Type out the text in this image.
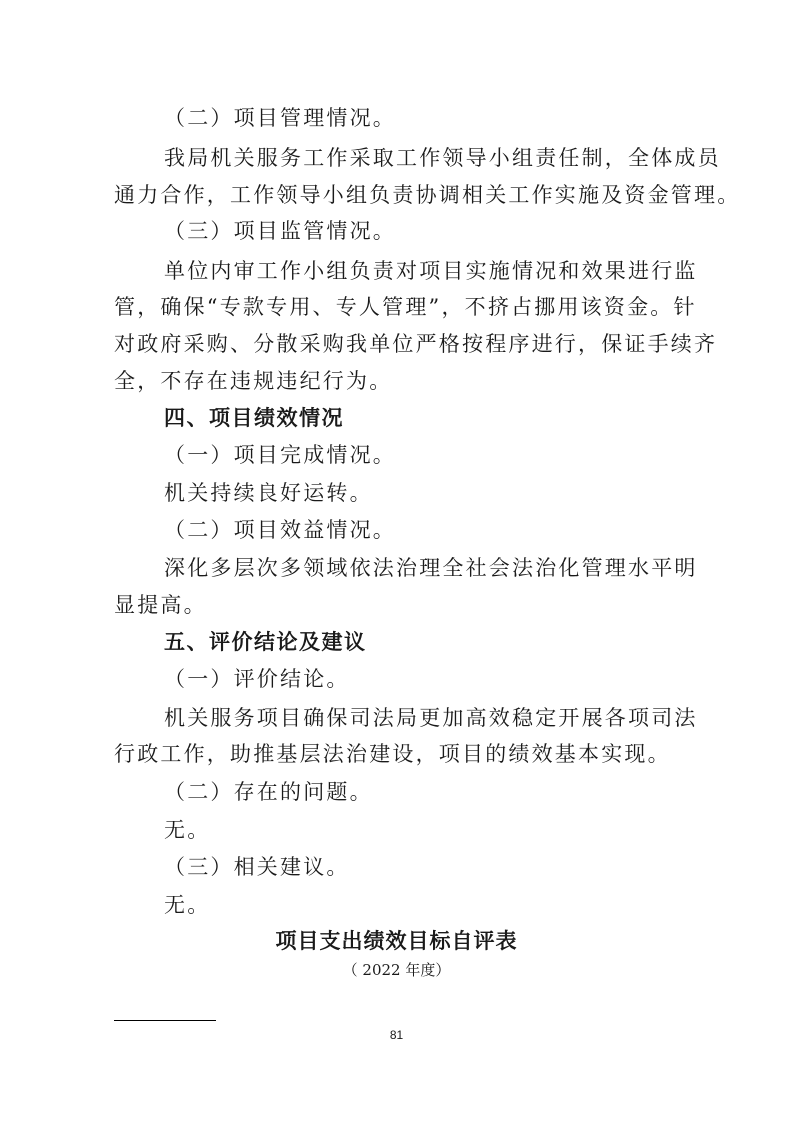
（二）项目管理情况。
我局机关服务工作采取工作领导小组责任制，全体成员
通力合作，工作领导小组负责协调相关工作实施及资金管理。
（三）项目监管情况。
单位内审工作小组负责对项目实施情况和效果进行监
管，确保“专款专用、专人管理”，不挤占挪用该资金。针
对政府采购、分散采购我单位严格按程序进行，保证手续齐
全，不存在违规违纪行为。
四、项目绩效情况
（一）项目完成情况。
机关持续良好运转。
（二）项目效益情况。
深化多层次多领域依法治理全社会法治化管理水平明
显提高。
五、评价结论及建议
（一）评价结论。
机关服务项目确保司法局更加高效稳定开展各项司法
行政工作，助推基层法治建设，项目的绩效基本实现。
（二）存在的问题。
无。
（三）相关建议。
无。
项目支出绩效目标自评表
（ 2022 年度）
81
